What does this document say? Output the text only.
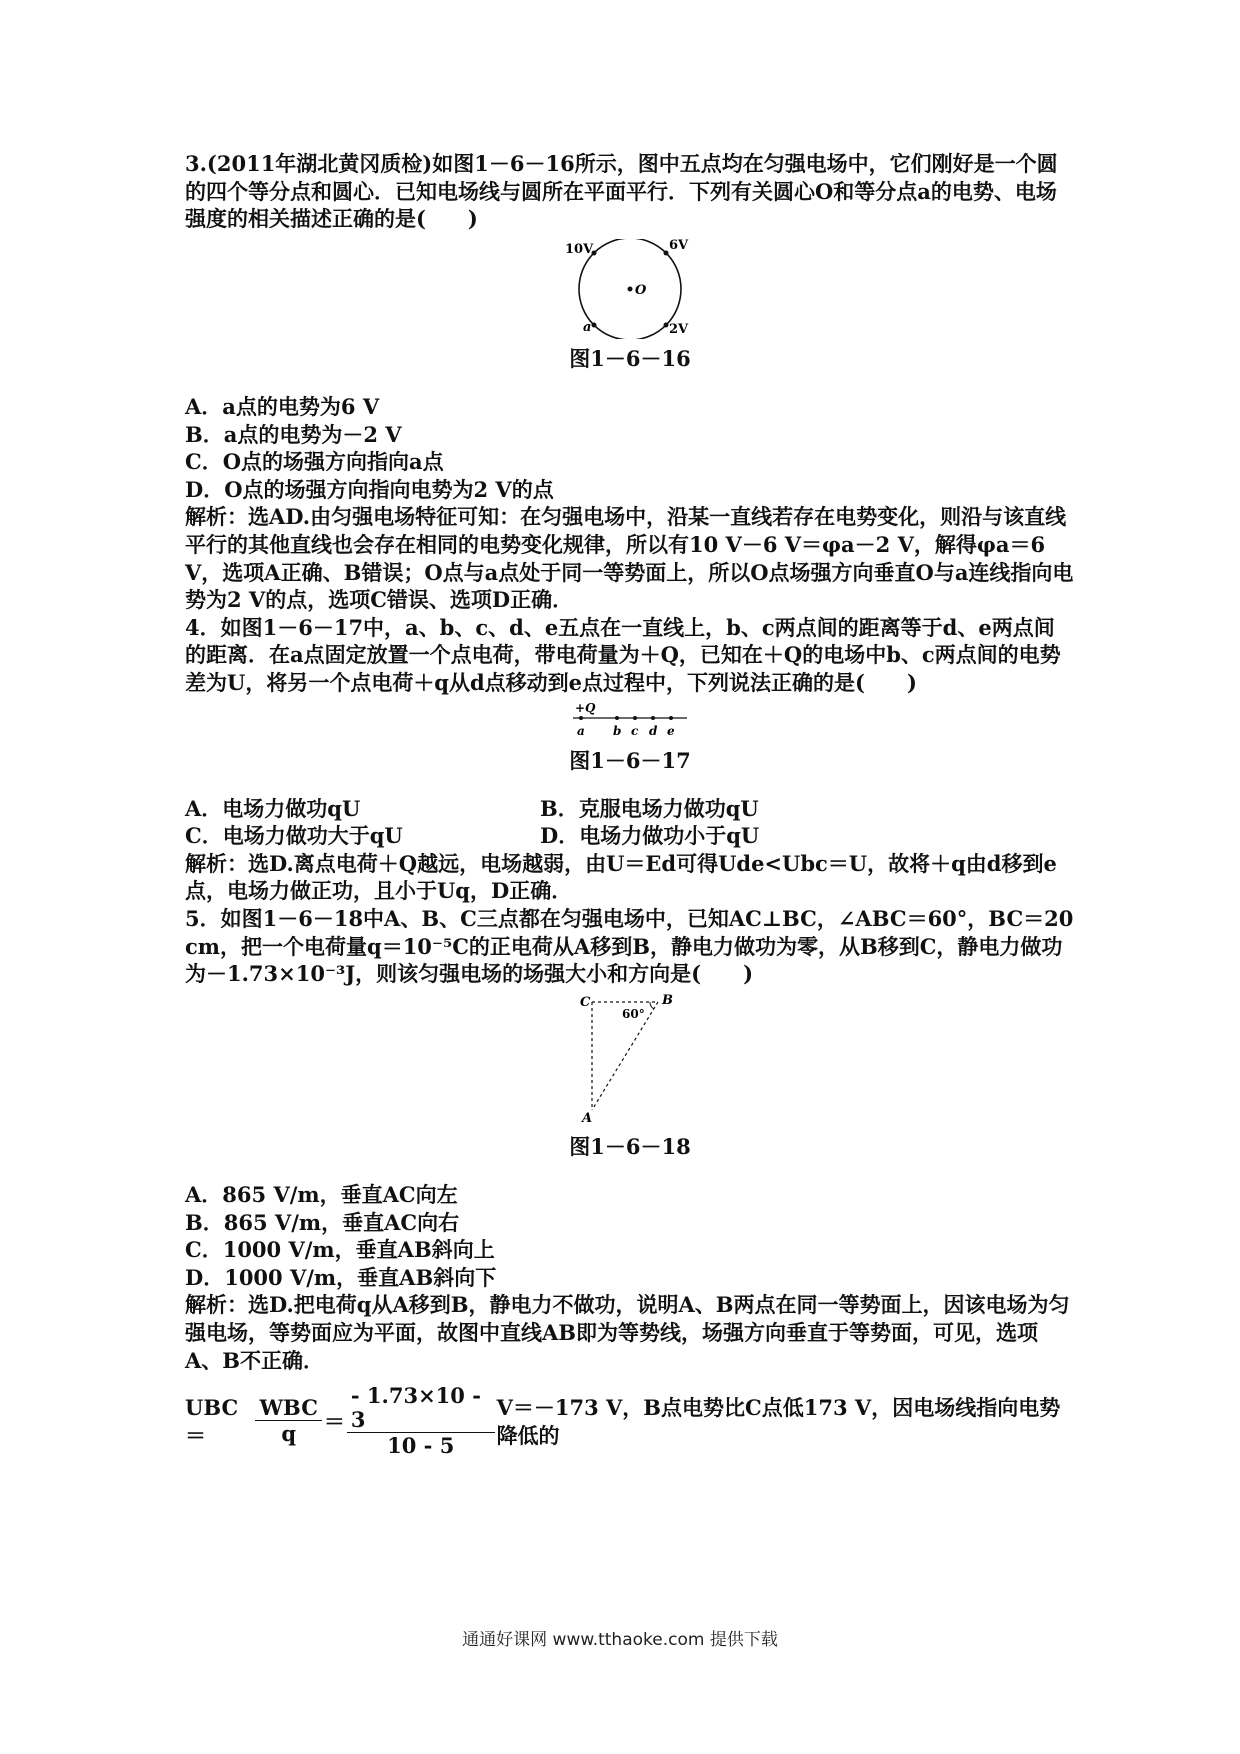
3.(2011年湖北黄冈质检)如图1－6－16所示，图中五点均在匀强电场中，它们刚好是一个圆的四个等分点和圆心．已知电场线与圆所在平面平行．下列有关圆心O和等分点a的电势、电场强度的相关描述正确的是(　　)

10V	6V
2V
a
O

图1－6－16

A．a点的电势为6 V

B．a点的电势为－2 V

C．O点的场强方向指向a点

D．O点的场强方向指向电势为2 V的点

解析：选AD.由匀强电场特征可知：在匀强电场中，沿某一直线若存在电势变化，则沿与该直线平行的其他直线也会存在相同的电势变化规律，所以有10 V－6 V＝φa－2 V，解得φa＝6 V，选项A正确、B错误；O点与a点处于同一等势面上，所以O点场强方向垂直O与a连线指向电势为2 V的点，选项C错误、选项D正确．

4．如图1－6－17中，a、b、c、d、e五点在一直线上，b、c两点间的距离等于d、e两点间的距离．在a点固定放置一个点电荷，带电荷量为＋Q，已知在＋Q的电场中b、c两点间的电势差为U，将另一个点电荷＋q从d点移动到e点过程中，下列说法正确的是(　　)

+Q
a b c d e

图1－6－17

A．电场力做功qU	B．克服电场力做功qU
C．电场力做功大于qU	D．电场力做功小于qU

解析：选D.离点电荷＋Q越远，电场越弱，由U＝Ed可得Ude<Ubc＝U，故将＋q由d移到e点，电场力做正功，且小于Uq，D正确．

5．如图1－6－18中A、B、C三点都在匀强电场中，已知AC⊥BC，∠ABC＝60°，BC＝20 cm，把一个电荷量q＝10⁻⁵C的正电荷从A移到B，静电力做功为零，从B移到C，静电力做功为－1.73×10⁻³J，则该匀强电场的场强大小和方向是(　　)

C	B
A
60°

图1－6－18

A．865 V/m，垂直AC向左

B．865 V/m，垂直AC向右

C．1000 V/m，垂直AB斜向上

D．1000 V/m，垂直AB斜向下

解析：选D.把电荷q从A移到B，静电力不做功，说明A、B两点在同一等势面上，因该电场为匀强电场，等势面应为平面，故图中直线AB即为等势线，场强方向垂直于等势面，可见，选项A、B不正确．

UBC＝	$\frac{\text{WBC}}{q} = \frac{- 1.73\times 10 - 3}{10 - 5} V=-173$ V，B点电势比C点低173 V，因电场线指向电势降低的
通通好课网 www.tthaoke.com 提供下载
